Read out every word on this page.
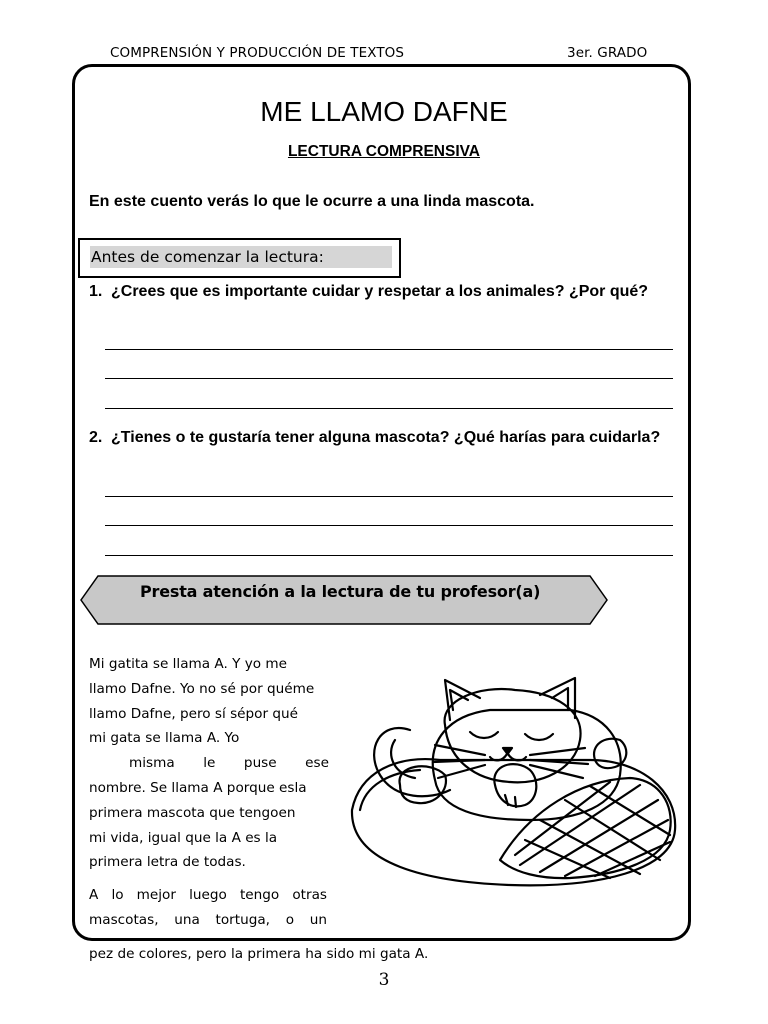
COMPRENSIÓN Y PRODUCCIÓN DE TEXTOS	3er. GRADO
ME LLAMO DAFNE
LECTURA COMPRENSIVA
En este cuento verás lo que le ocurre a una linda mascota.
Antes de comenzar la lectura:
1. ¿Crees que es importante cuidar y respetar a los animales? ¿Por qué?
2. ¿Tienes o te gustaría tener alguna mascota? ¿Qué harías para cuidarla?
Presta atención a la lectura de tu profesor(a)

Mi gatita se llama A. Y yo me
llamo Dafne. Yo no sé por quéme
llamo Dafne, pero sí sépor qué
mi gata se llama A. Yo

misma le puse ese
nombre. Se llama A porque esla
primera mascota que tengoen
mi vida, igual que la A es la
primera letra de todas.

A lo mejor luego tengo otras
mascotas, una tortuga, o un

pez de colores, pero la primera ha sido mi gata A.
3
